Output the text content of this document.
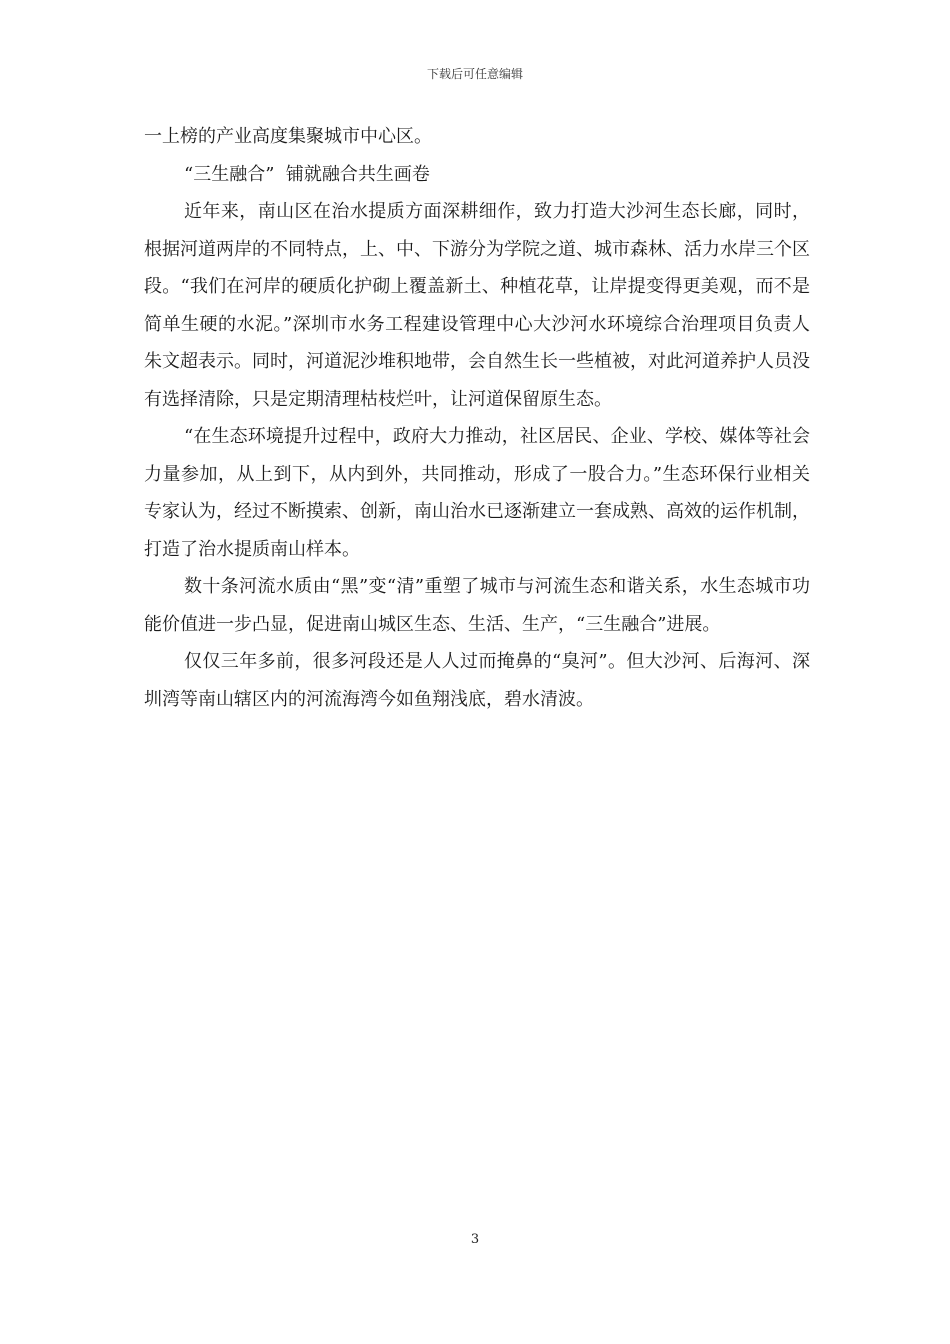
下载后可任意编辑

一上榜的产业高度集聚城市中心区。

“三生融合”  铺就融合共生画卷

近年来，南山区在治水提质方面深耕细作，致力打造大沙河生态长廊，同时，根据河道两岸的不同特点，上、中、下游分为学院之道、城市森林、活力水岸三个区段。“我们在河岸的硬质化护砌上覆盖新土、种植花草，让岸提变得更美观，而不是简单生硬的水泥。”深圳市水务工程建设管理中心大沙河水环境综合治理项目负责人朱文超表示。同时，河道泥沙堆积地带，会自然生长一些植被，对此河道养护人员没有选择清除，只是定期清理枯枝烂叶，让河道保留原生态。

“在生态环境提升过程中，政府大力推动，社区居民、企业、学校、媒体等社会力量参加，从上到下，从内到外，共同推动，形成了一股合力。”生态环保行业相关专家认为，经过不断摸索、创新，南山治水已逐渐建立一套成熟、高效的运作机制，打造了治水提质南山样本。

数十条河流水质由“黑”变“清”重塑了城市与河流生态和谐关系，水生态城市功能价值进一步凸显，促进南山城区生态、生活、生产，“三生融合”进展。

仅仅三年多前，很多河段还是人人过而掩鼻的“臭河”。但大沙河、后海河、深圳湾等南山辖区内的河流海湾今如鱼翔浅底，碧水清波。

3
